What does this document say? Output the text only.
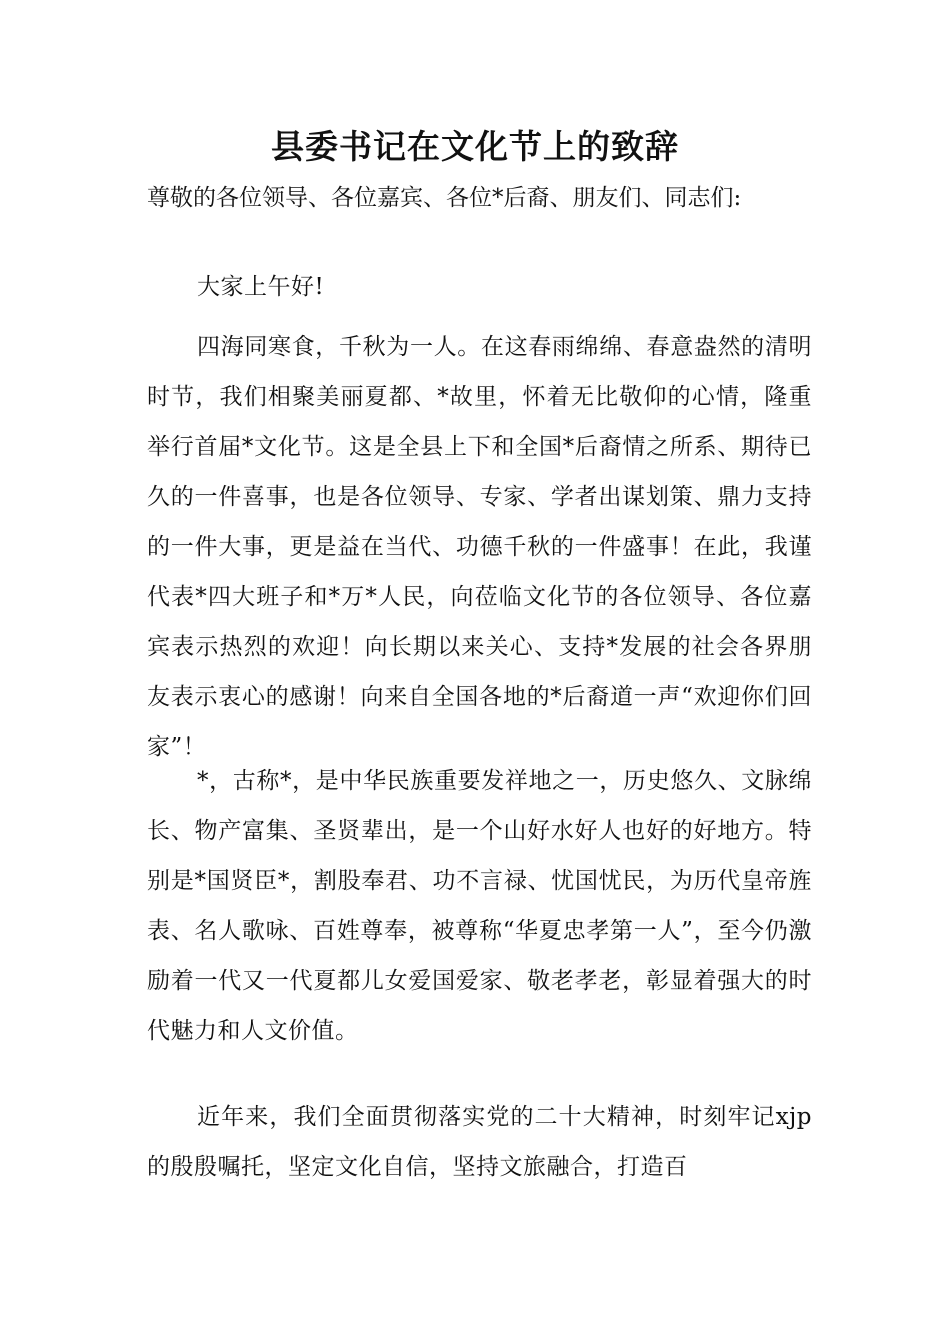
县委书记在文化节上的致辞

尊敬的各位领导、各位嘉宾、各位*后裔、朋友们、同志们:

大家上午好!

四海同寒食，千秋为一人。在这春雨绵绵、春意盎然的清明时节，我们相聚美丽夏都、*故里，怀着无比敬仰的心情，隆重举行首届*文化节。这是全县上下和全国*后裔情之所系、期待已久的一件喜事，也是各位领导、专家、学者出谋划策、鼎力支持的一件大事，更是益在当代、功德千秋的一件盛事！在此，我谨代表*四大班子和*万*人民，向莅临文化节的各位领导、各位嘉宾表示热烈的欢迎！向长期以来关心、支持*发展的社会各界朋友表示衷心的感谢！向来自全国各地的*后裔道一声“欢迎你们回家”！

*，古称*，是中华民族重要发祥地之一，历史悠久、文脉绵长、物产富集、圣贤辈出，是一个山好水好人也好的好地方。特别是*国贤臣*，割股奉君、功不言禄、忧国忧民，为历代皇帝旌表、名人歌咏、百姓尊奉，被尊称“华夏忠孝第一人”，至今仍激励着一代又一代夏都儿女爱国爱家、敬老孝老，彰显着强大的时代魅力和人文价值。

近年来，我们全面贯彻落实党的二十大精神，时刻牢记xjp的殷殷嘱托，坚定文化自信，坚持文旅融合，打造百
